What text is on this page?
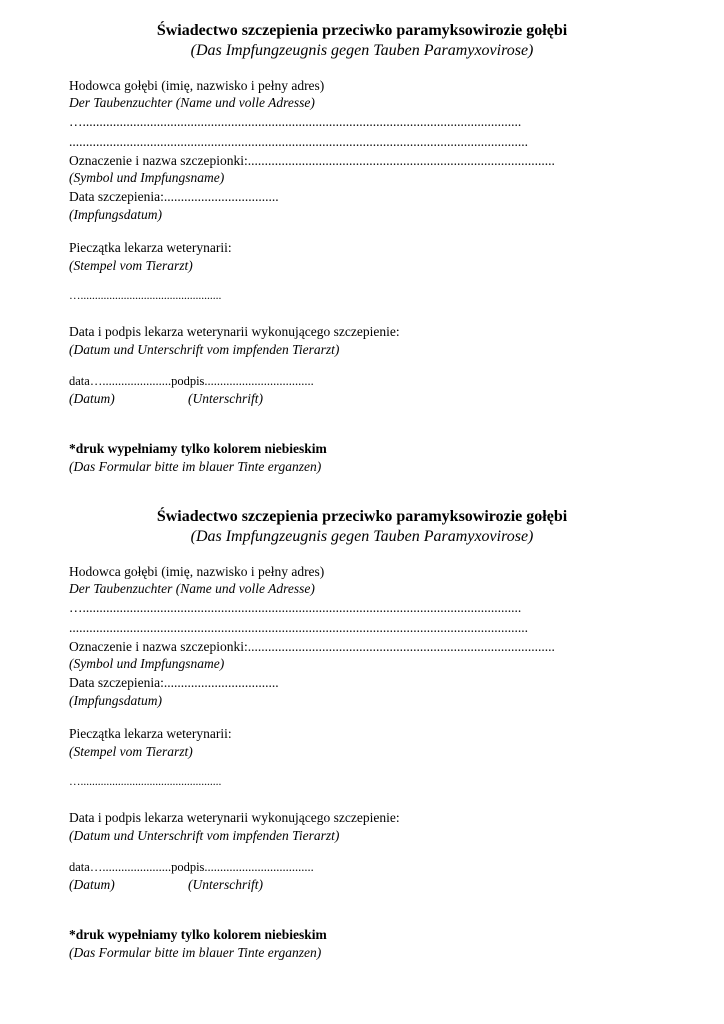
Świadectwo szczepienia przeciwko paramyksowirozie gołębi
(Das Impfungzeugnis gegen Tauben Paramyxovirose)
Hodowca gołębi (imię, nazwisko i pełny adres)
Der Taubenzuchter (Name und volle Adresse)
…..................................................................................................................................
........................................................................................................................................
Oznaczenie i nazwa szczepionki:...........................................................................................
(Symbol und Impfungsname)
Data szczepienia:..................................
(Impfungsdatum)
Pieczątka lekarza weterynarii:
(Stempel vom Tierarzt)
….................................................
Data i podpis lekarza weterynarii wykonującego szczepienie:
(Datum und Unterschrift vom impfenden Tierarzt)
data…......................podpis...................................
(Datum)	(Unterschrift)
*druk wypełniamy tylko kolorem niebieskim
(Das Formular bitte im blauer Tinte erganzen)
Świadectwo szczepienia przeciwko paramyksowirozie gołębi
(Das Impfungzeugnis gegen Tauben Paramyxovirose)
Hodowca gołębi (imię, nazwisko i pełny adres)
Der Taubenzuchter (Name und volle Adresse)
…..................................................................................................................................
........................................................................................................................................
Oznaczenie i nazwa szczepionki:...........................................................................................
(Symbol und Impfungsname)
Data szczepienia:..................................
(Impfungsdatum)
Pieczątka lekarza weterynarii:
(Stempel vom Tierarzt)
….................................................
Data i podpis lekarza weterynarii wykonującego szczepienie:
(Datum und Unterschrift vom impfenden Tierarzt)
data…......................podpis...................................
(Datum)	(Unterschrift)
*druk wypełniamy tylko kolorem niebieskim
(Das Formular bitte im blauer Tinte erganzen)
